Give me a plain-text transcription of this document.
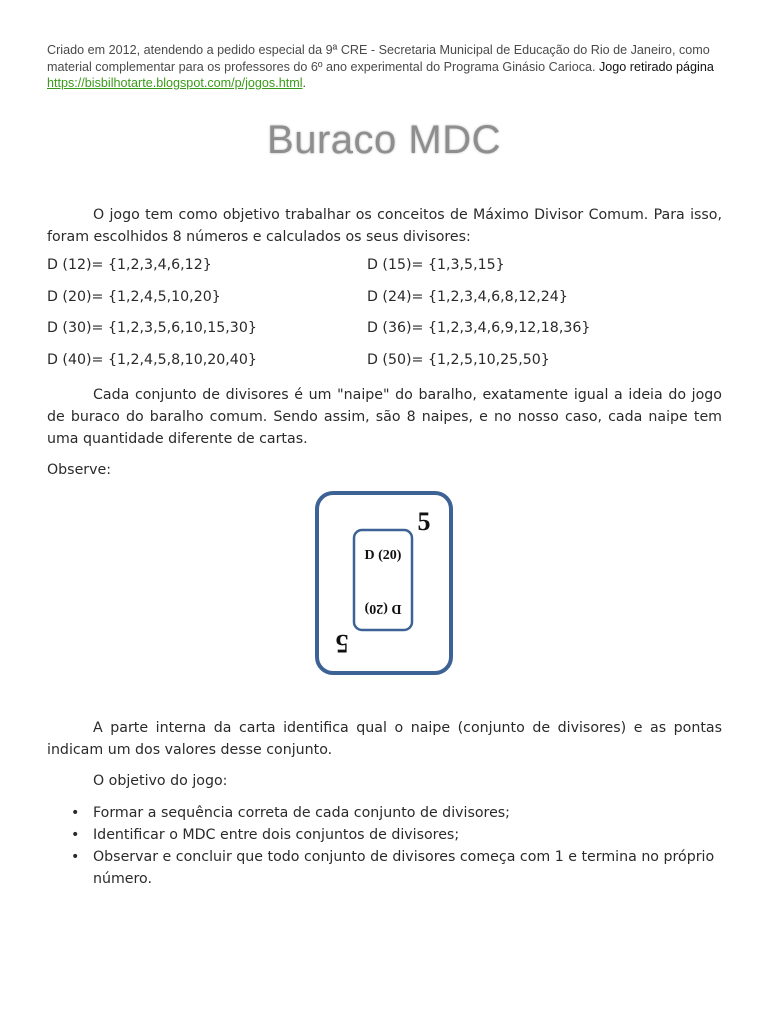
Criado em 2012, atendendo a pedido especial da 9ª CRE - Secretaria Municipal de Educação do Rio de Janeiro, como material complementar para os professores do 6º ano experimental do Programa Ginásio Carioca. Jogo retirado página https://bisbilhotarte.blogspot.com/p/jogos.html.
Buraco MDC
O jogo tem como objetivo trabalhar os conceitos de Máximo Divisor Comum. Para isso, foram escolhidos 8 números e calculados os seus divisores:
D (12)= {1,2,3,4,6,12}	D (15)= {1,3,5,15}
D (20)= {1,2,4,5,10,20}	D (24)= {1,2,3,4,6,8,12,24}
D (30)= {1,2,3,5,6,10,15,30}	D (36)= {1,2,3,4,6,9,12,18,36}
D (40)= {1,2,4,5,8,10,20,40}	D (50)= {1,2,5,10,25,50}
Cada conjunto de divisores é um "naipe" do baralho, exatamente igual a ideia do jogo de buraco do baralho comum. Sendo assim, são 8 naipes, e no nosso caso, cada naipe tem uma quantidade diferente de cartas.
Observe:
5
5
D (20)
D (20)
A parte interna da carta identifica qual o naipe (conjunto de divisores) e as pontas indicam um dos valores desse conjunto.
O objetivo do jogo:
• Formar a sequência correta de cada conjunto de divisores;
• Identificar o MDC entre dois conjuntos de divisores;
• Observar e concluir que todo conjunto de divisores começa com 1 e termina no próprio número.
